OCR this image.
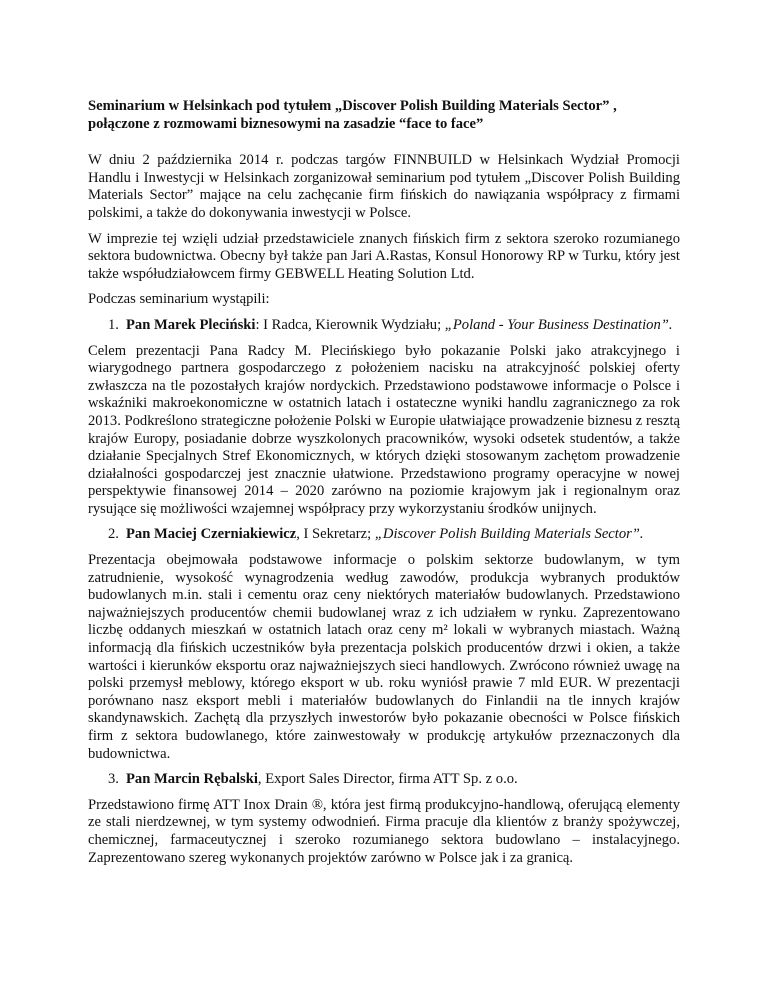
Seminarium w Helsinkach pod tytułem „Discover Polish Building Materials Sector” ,
połączone z rozmowami biznesowymi na zasadzie “face to face”

W dniu 2 października 2014 r. podczas targów FINNBUILD w Helsinkach Wydział Promocji Handlu i Inwestycji w Helsinkach zorganizował seminarium pod tytułem „Discover Polish Building Materials Sector” mające na celu zachęcanie firm fińskich do nawiązania współpracy z firmami polskimi, a także do dokonywania inwestycji w Polsce.

W imprezie tej wzięli udział przedstawiciele znanych fińskich firm z sektora szeroko rozumianego sektora budownictwa. Obecny był także pan Jari A.Rastas, Konsul Honorowy RP w Turku, który jest także współudziałowcem firmy GEBWELL Heating Solution Ltd.

Podczas seminarium wystąpili:

1. Pan Marek Pleciński: I Radca, Kierownik Wydziału; „Poland - Your Business Destination”.

Celem prezentacji Pana Radcy M. Plecińskiego było pokazanie Polski jako atrakcyjnego i wiarygodnego partnera gospodarczego z położeniem nacisku na atrakcyjność polskiej oferty zwłaszcza na tle pozostałych krajów nordyckich. Przedstawiono podstawowe informacje o Polsce i wskaźniki makroekonomiczne w ostatnich latach i ostateczne wyniki handlu zagranicznego za rok 2013. Podkreślono strategiczne położenie Polski w Europie ułatwiające prowadzenie biznesu z resztą krajów Europy, posiadanie dobrze wyszkolonych pracowników, wysoki odsetek studentów, a także działanie Specjalnych Stref Ekonomicznych, w których dzięki stosowanym zachętom prowadzenie działalności gospodarczej jest znacznie ułatwione. Przedstawiono programy operacyjne w nowej perspektywie finansowej 2014 – 2020 zarówno na poziomie krajowym jak i regionalnym oraz rysujące się możliwości wzajemnej współpracy przy wykorzystaniu środków unijnych.

2. Pan Maciej Czerniakiewicz, I Sekretarz; „Discover Polish Building Materials Sector”.

Prezentacja obejmowała podstawowe informacje o polskim sektorze budowlanym, w tym zatrudnienie, wysokość wynagrodzenia według zawodów, produkcja wybranych produktów budowlanych m.in. stali i cementu oraz ceny niektórych materiałów budowlanych. Przedstawiono najważniejszych producentów chemii budowlanej wraz z ich udziałem w rynku. Zaprezentowano liczbę oddanych mieszkań w ostatnich latach oraz ceny m² lokali w wybranych miastach. Ważną informacją dla fińskich uczestników była prezentacja polskich producentów drzwi i okien, a także wartości i kierunków eksportu oraz najważniejszych sieci handlowych. Zwrócono również uwagę na polski przemysł meblowy, którego eksport w ub. roku wyniósł prawie 7 mld EUR. W prezentacji porównano nasz eksport mebli i materiałów budowlanych do Finlandii na tle innych krajów skandynawskich. Zachętą dla przyszłych inwestorów było pokazanie obecności w Polsce fińskich firm z sektora budowlanego, które zainwestowały w produkcję artykułów przeznaczonych dla budownictwa.

3. Pan Marcin Rębalski, Export Sales Director, firma ATT Sp. z o.o.

Przedstawiono firmę ATT Inox Drain ®, która jest firmą produkcyjno-handlową, oferującą elementy ze stali nierdzewnej, w tym systemy odwodnień. Firma pracuje dla klientów z branży spożywczej, chemicznej, farmaceutycznej i szeroko rozumianego sektora budowlano – instalacyjnego. Zaprezentowano szereg wykonanych projektów zarówno w Polsce jak i za granicą.
